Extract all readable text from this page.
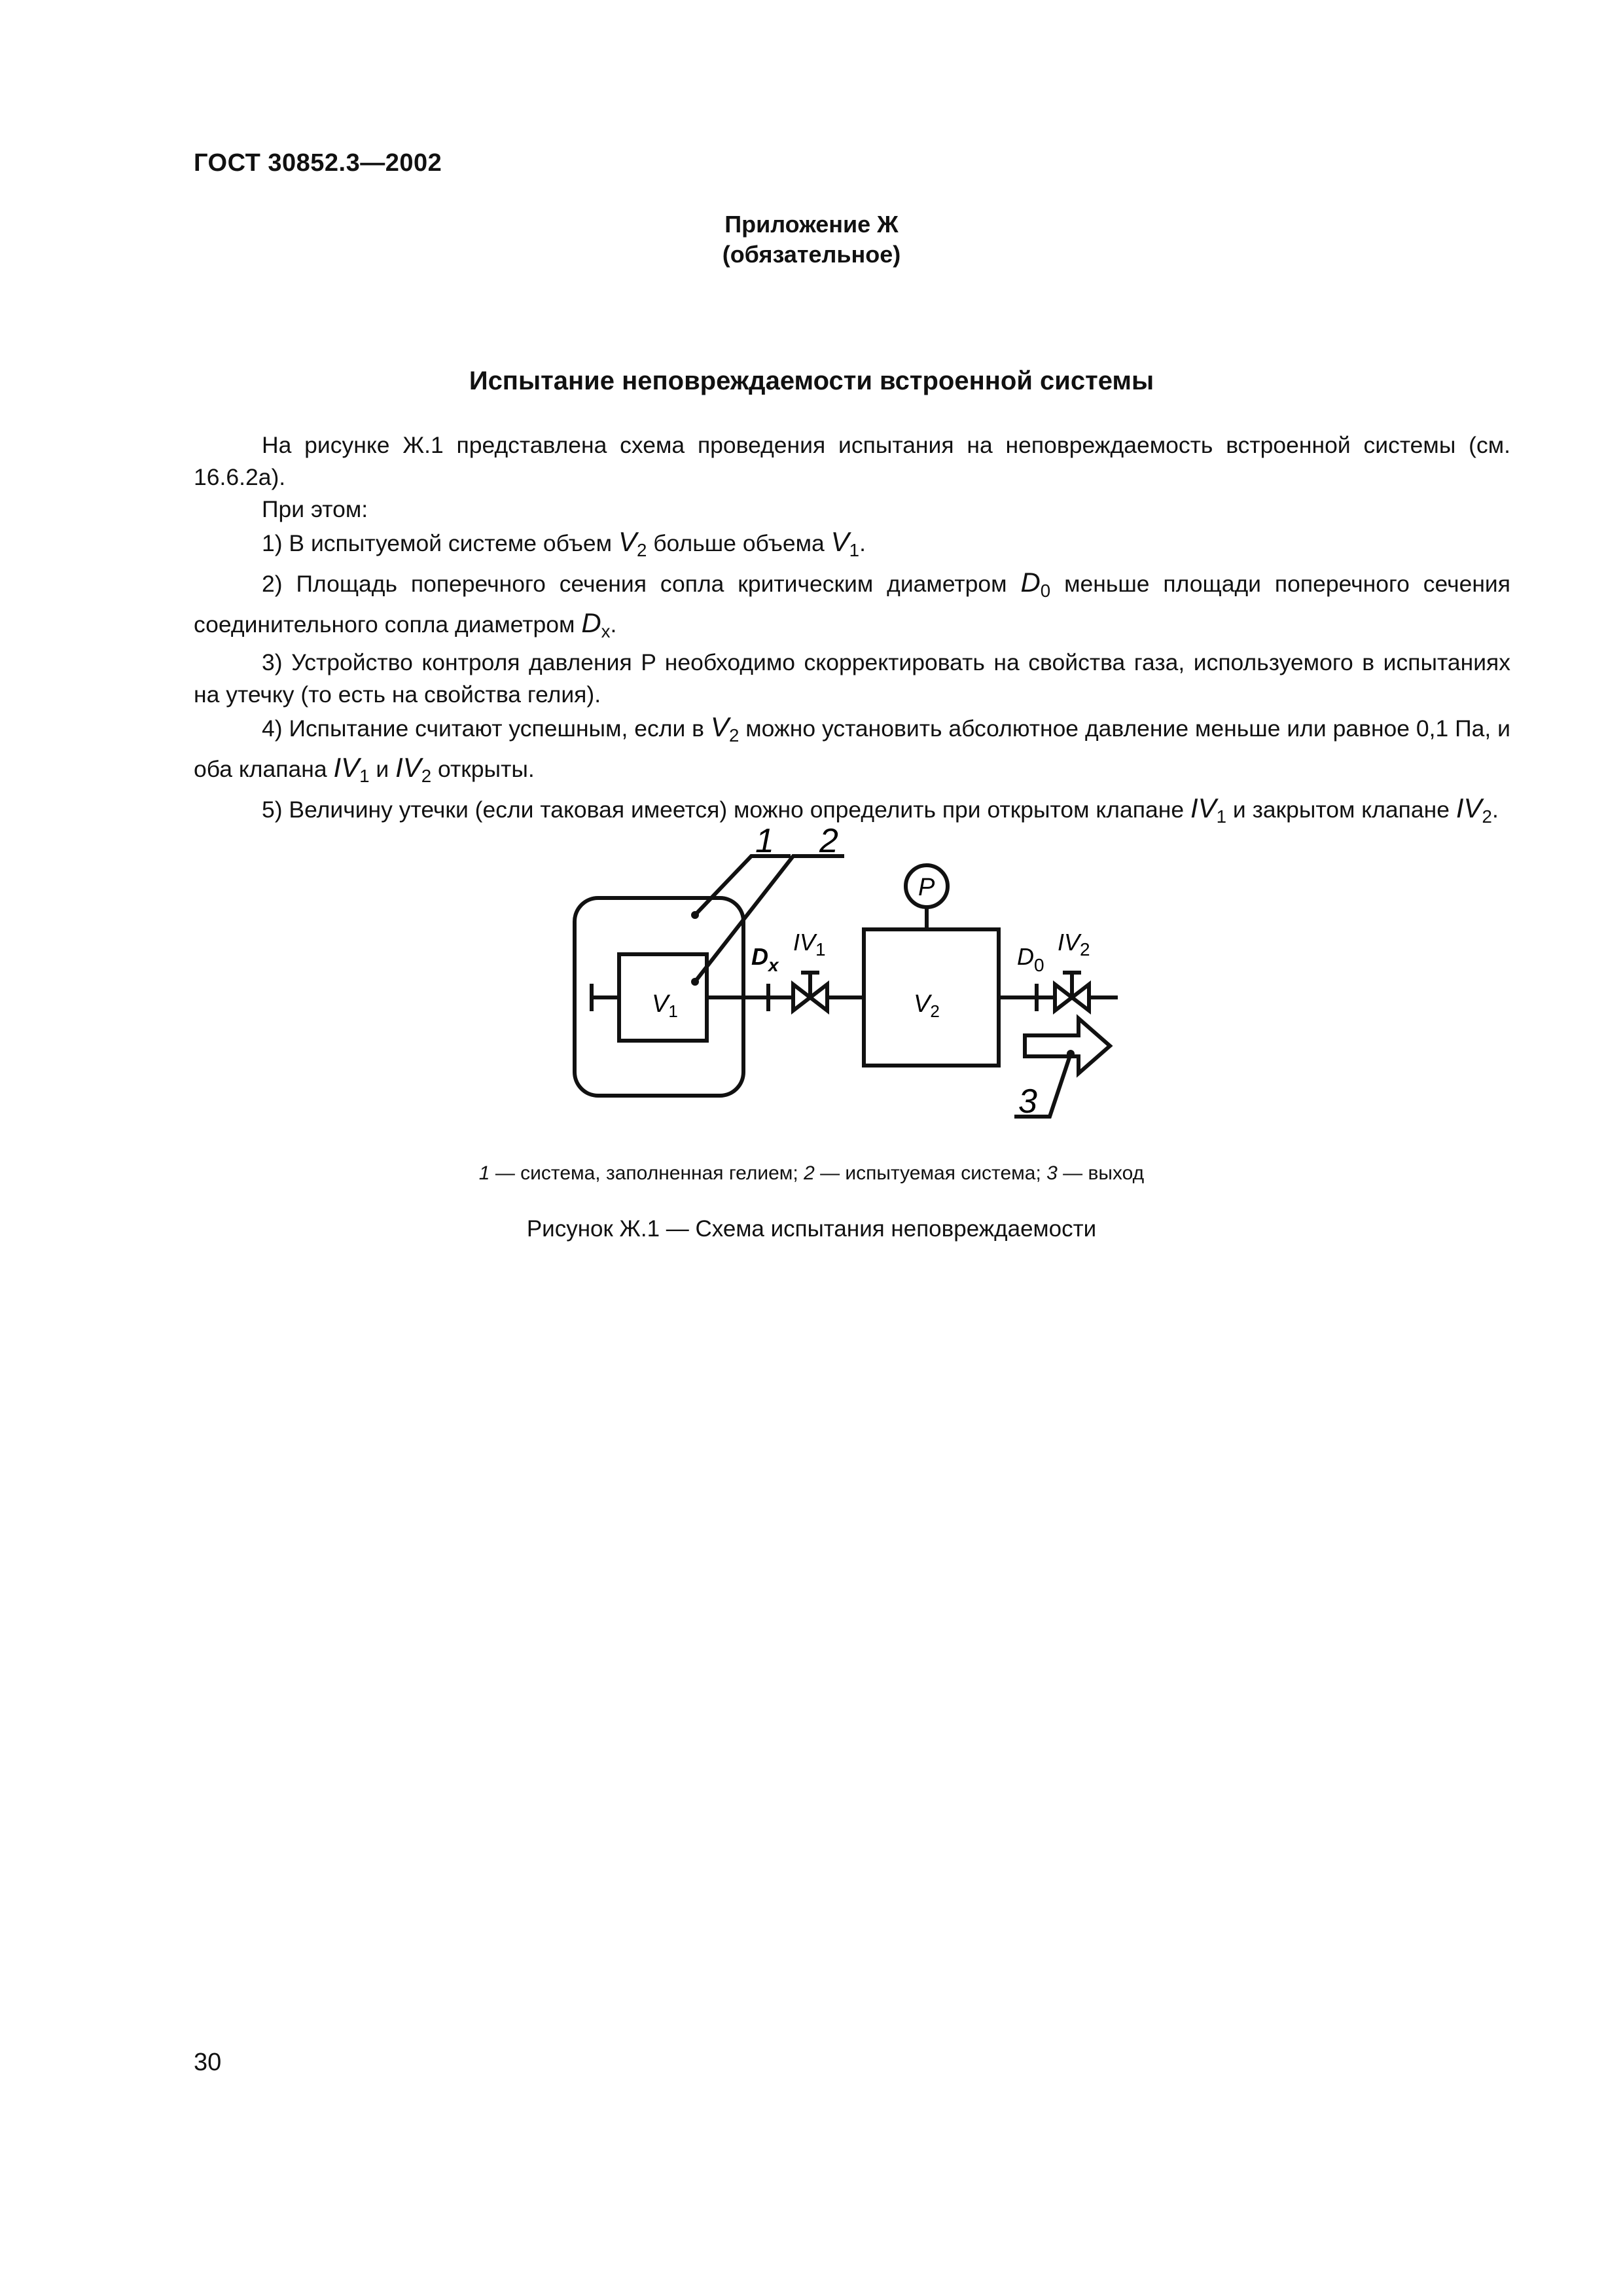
ГОСТ 30852.3—2002
Приложение Ж
(обязательное)
Испытание неповреждаемости встроенной системы

На рисунке Ж.1 представлена схема проведения испытания на неповреждаемость встроенной системы (см. 16.6.2а).

При этом:

1) В испытуемой системе объем $V_2$ больше объема $V_1$.

2) Площадь поперечного сечения сопла критическим диаметром $D_0$ меньше площади поперечного сечения соединительного сопла диаметром $D_x$.

3) Устройство контроля давления P необходимо скорректировать на свойства газа, используемого в испытаниях на утечку (то есть на свойства гелия).

4) Испытание считают успешным, если в $V_2$ можно установить абсолютное давление меньше или равное 0,1 Па, и оба клапана $IV_1$ и $IV_2$ открыты.

5) Величину утечки (если таковая имеется) можно определить при открытом клапане $IV_1$ и закрытом клапане $IV_2$.

1 2
3
P
$V_1$	$V_2$
$D_x$
$IV_1$	$D_0$
$IV_2$
1 — система, заполненная гелием; 2 — испытуемая система; 3 — выход
Рисунок Ж.1 — Схема испытания неповреждаемости
30
